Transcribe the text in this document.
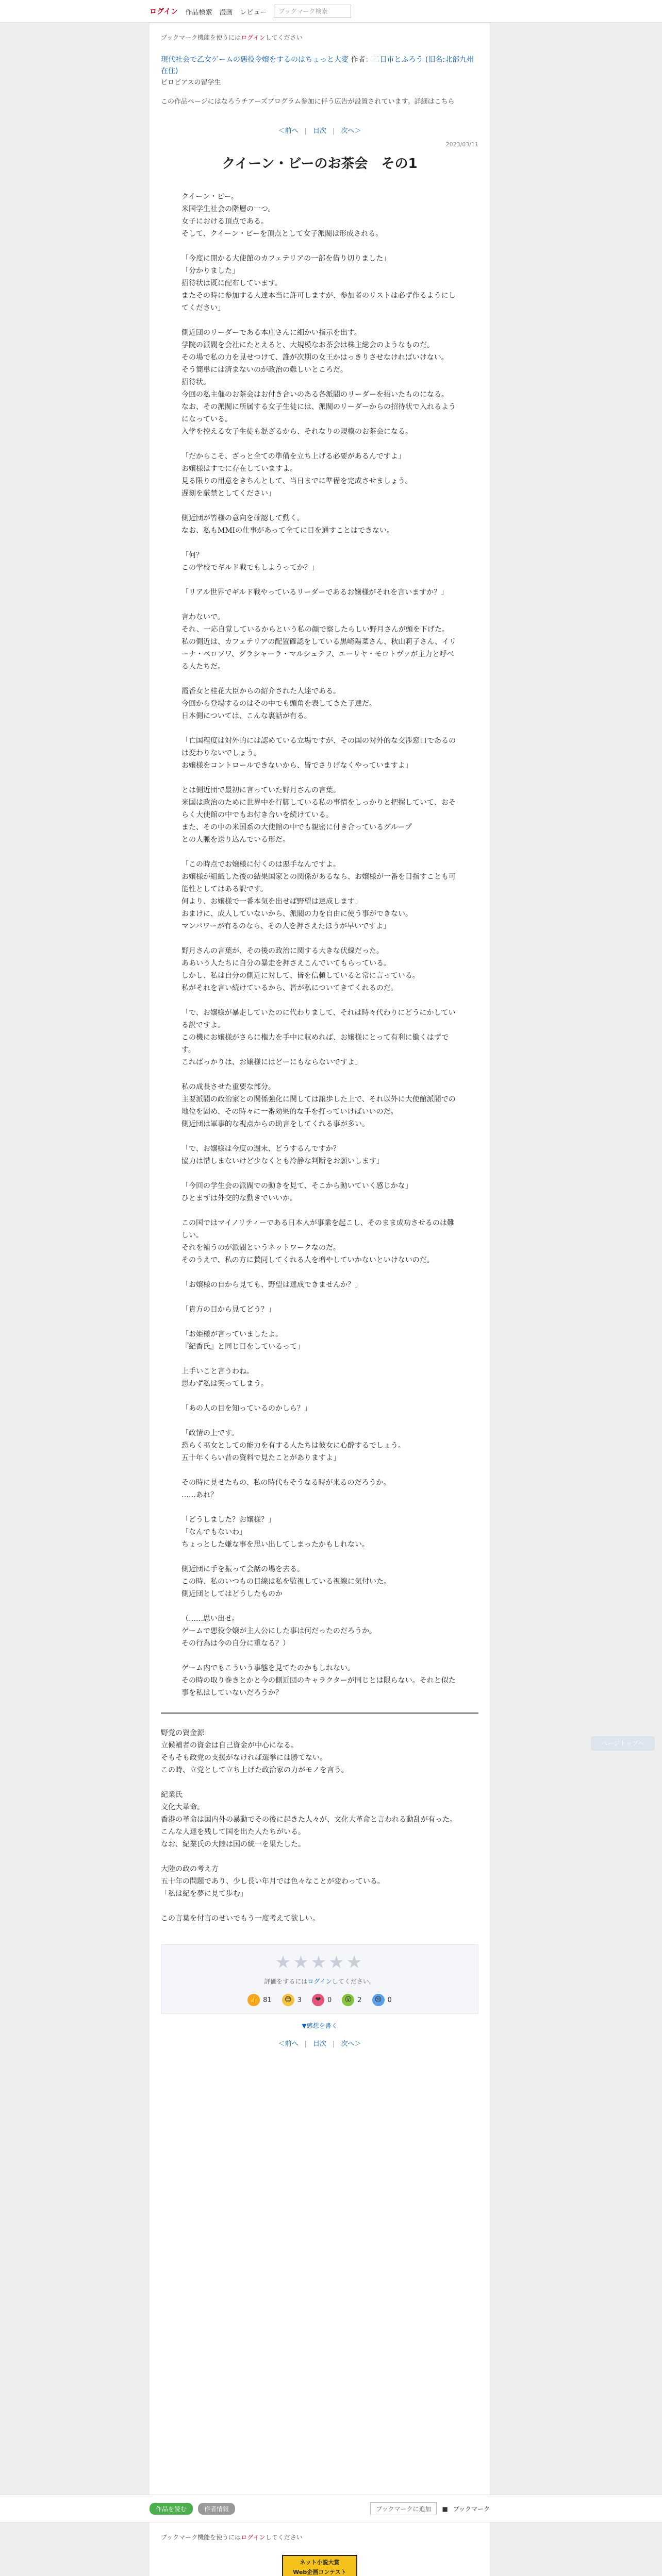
ログイン 作品検索 漫画 レビュー	ブックマーク検索
ブックマーク機能を使うにはログインしてください
現代社会で乙女ゲームの悪役令嬢をするのはちょっと大変 作者：二日市とふろう (旧名:北部九州在住)
ピロビアスの留学生
この作品ページにはなろうチアーズプログラム参加に伴う広告が設置されています。詳細はこちら
＜前へ | 目次 | 次へ＞
2023/03/11
クイーン・ビーのお茶会　その1

クイーン・ビー。

米国学生社会の階層の一つ。

女子における頂点である。

そして、クイーン・ビーを頂点として女子派閥は形成される。

「今度に開かる大使館のカフェテリアの一部を借り切りました」

「分かりました」

招待状は既に配布しています。

またその時に参加する人達本当に許可しますが、参加者のリストは必ず作るようにしてください」

側近団のリーダーである本庄さんに細かい指示を出す。

学院の派閥を会社にたとえると、大規模なお茶会は株主総会のようなものだ。

その場で私の力を見せつけて、誰が次期の女王かはっきりさせなければいけない。

そう簡単には済まないのが政治の難しいところだ。

招待状。

今回の私主催のお茶会はお付き合いのある各派閥のリーダーを招いたものになる。

なお、その派閥に所属する女子生徒には、派閥のリーダーからの招待状で入れるようになっている。

入学を控える女子生徒も混ざるから、それなりの規模のお茶会になる。

「だからこそ、ざっと全ての準備を立ち上げる必要があるんですよ」

お嬢様はすでに存在していますよ。

見る限りの用意をきちんとして、当日までに準備を完成させましょう。

遅刻を厳禁としてください」

側近団が皆様の意向を確認して動く。

なお、私もMMIの仕事があって全てに目を通すことはできない。

「何？

この学校でギルド戦でもしようってか？」

「リアル世界でギルド戦やっているリーダーであるお嬢様がそれを言いますか？」

言わないで。

それ、一応自覚しているからという私の顔で察したらしい野月さんが頭を下げた。

私の側近は、カフェテリアの配置確認をしている黒崎陽菜さん、秋山莉子さん、イリーナ・ベロソワ、グラシャーラ・マルシュテフ、エーリヤ・モロトヴァが主力と呼べる人たちだ。

霞香女と桂花大臣からの紹介された人達である。

今回から登場するのはその中でも頭角を表してきた子達だ。

日本側については、こんな裏話が有る。

「亡国程度は対外的には認めている立場ですが、その国の対外的な交渉窓口であるのは変わりないでしょう。

お嬢様をコントロールできないから、皆でさりげなくやっていますよ」

とは側近団で最初に言っていた野月さんの言葉。

米国は政治のために世界中を行脚している私の事情をしっかりと把握していて、おそらく大使館の中でもお付き合いを続けている。

また、その中の米国系の大使館の中でも親密に付き合っているグループ

との人脈を送り込んでいる形だ。

「この時点でお嬢様に付くのは悪手なんですよ。

お嬢様が組織した後の結果国家との関係があるなら、お嬢様が一番を目指すことも可能性としてはある訳です。

何より、お嬢様で一番本気を出せば野望は達成します」

おまけに、成人していないから、派閥の力を自由に使う事ができない。

マンパワーが有るのなら、その人を押さえたほうが早いですよ」

野月さんの言葉が、その後の政治に関する大きな伏線だった。

ああいう人たちに自分の暴走を押さえこんでいてもらっている。

しかし、私は自分の側近に対して、皆を信頼していると常に言っている。

私がそれを言い続けているから、皆が私についてきてくれるのだ。

「で、お嬢様が暴走していたのに代わりまして、それは時々代わりにどうにかしている訳ですよ。

この機にお嬢様がさらに権力を手中に収めれば、お嬢様にとって有利に働くはずです。

こればっかりは、お嬢様にはどーにもならないですよ」

私の成長させた重要な部分。

主要派閥の政治家との関係強化に関しては譲歩した上で、それ以外に大使館派閥での地位を固め、その時々に一番効果的な手を打っていけばいいのだ。

側近団は軍事的な視点からの助言をしてくれる事が多い。

「で、お嬢様は今度の週末、どうするんですか？

協力は惜しまないけど少なくとも冷静な判断をお願いします」

「今回の学生会の派閥での動きを見て、そこから動いていく感じかな」

ひとまずは外交的な動きでいいか。

この国ではマイノリティーである日本人が事業を起こし、そのまま成功させるのは難しい。

それを補うのが派閥というネットワークなのだ。

そのうえで、私の方に賛同してくれる人を増やしていかないといけないのだ。

「お嬢様の自から見ても、野望は達成できませんか？」

「貴方の目から見てどう？」

「お姫様が言っていましたよ。

『紀香氏』と同じ目をしているって」

上手いこと言うわね。

思わず私は笑ってしまう。

「あの人の目を知っているのかしら？」

「政情の上です。

恐らく巫女としての能力を有する人たちは彼女に心酔するでしょう。

五十年くらい昔の資料で見たことがありますよ」

その時に見せたもの、私の時代もそうなる時が来るのだろうか。

……あれ？

「どうしました？お嬢様？」

「なんでもないわ」

ちょっとした嫌な事を思い出してしまったかもしれない。

側近団に手を振って会話の場を去る。

この時、私のいつもの目線は私を監視している視線に気付いた。

側近団としてはどうしたものか

（……思い出せ。

ゲームで悪役令嬢が主人公にした事は何だったのだろうか。

その行為は今の自分に重なる？）

ゲーム内でもこういう事態を見てたのかもしれない。

その時の取り巻きとかと今の側近団のキャラクターが同じとは限らない。それと似た事を私はしていないだろうか？

野党の資金源

立候補者の資金は自己資金が中心になる。

そもそも政党の支援がなければ選挙には勝てない。

この時、立党として立ち上げた政治家の力がモノを言う。

紀業氏

文化大革命。

香港の革命は国内外の暴動でその後に起きた人々が、文化大革命と言われる動乱が有った。

こんな人達を残して国を出た人たちがいる。

なお、紀業氏の大陸は国の統一を果たした。

大陸の政の考え方

五十年の問題であり、少し長い年月では色々なことが変わっている。

「私は紀を夢に見て歩む」

この言葉を付言のせいでもう一度考えて欲しい。

★★★★★
評価をするにはログインしてください。
👍 81	😊 3	❤ 0	😮 2	😢 0
▼感想を書く
＜前へ | 目次 | 次へ＞
ページトップへ
作品を読む	作者情報	ブックマークに追加	■ ブックマーク
ブックマーク機能を使うにはログインしてください
ネット小説大賞
Web企画コンテスト
